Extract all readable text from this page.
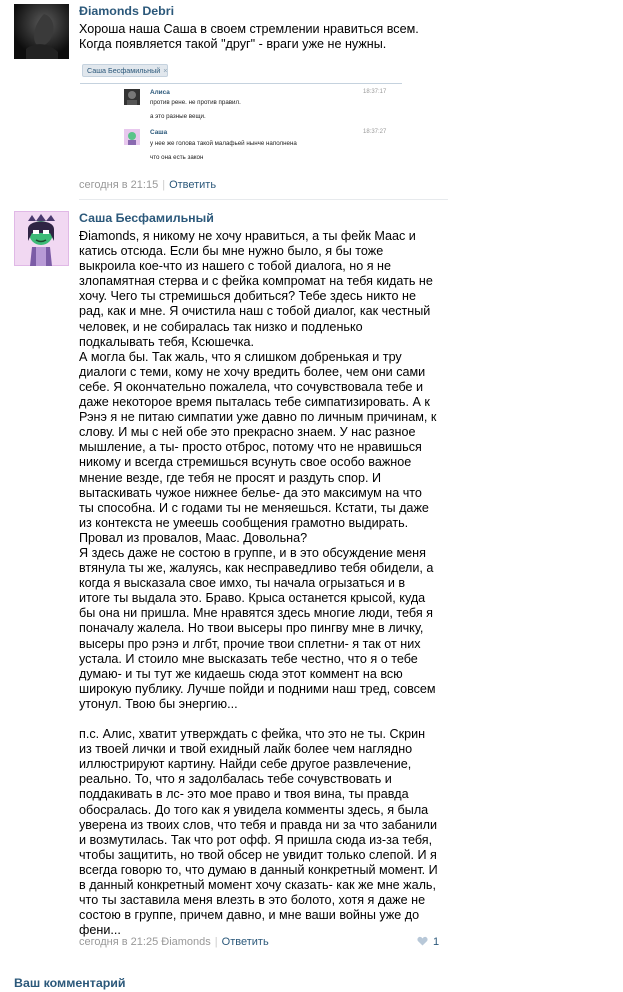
Ðiamonds Debri
Хороша наша Саша в своем стремлении нравиться всем. Когда появляется такой "друг" - враги уже не нужны.
Саша Бесфамильный ×
Алиса
против рене. не против правил.
а это разные вещи.
18:37:17
Саша
у нее же голова такой малафьей нынче наполнена
что она есть закон
18:37:27
сегодня в 21:15 | Ответить
Саша Бесфамильный
Ðiamonds, я никому не хочу нравиться, а ты фейк Маас и катись отсюда. Если бы мне нужно было, я бы тоже выкроила кое-что из нашего с тобой диалога, но я не злопамятная стерва и с фейка компромат на тебя кидать не хочу. Чего ты стремишься добиться? Тебе здесь никто не рад, как и мне. Я очистила наш с тобой диалог, как честный человек, и не собиралась так низко и подленько подкалывать тебя, Ксюшечка.
А могла бы. Так жаль, что я слишком добренькая и тру диалоги с теми, кому не хочу вредить более, чем они сами себе. Я окончательно пожалела, что сочувствовала тебе и даже некоторое время пыталась тебе симпатизировать. А к Рэнэ я не питаю симпатии уже давно по личным причинам, к слову. И мы с ней обе это прекрасно знаем. У нас разное мышление, а ты- просто отброс, потому что не нравишься никому и всегда стремишься всунуть свое особо важное мнение везде, где тебя не просят и раздуть спор. И вытаскивать чужое нижнее белье- да это максимум на что ты способна. И с годами ты не меняешься. Кстати, ты даже из контекста не умеешь сообщения грамотно выдирать. Провал из провалов, Маас. Довольна?
Я здесь даже не состою в группе, и в это обсуждение меня втянула ты же, жалуясь, как несправедливо тебя обидели, а когда я высказала свое имхо, ты начала огрызаться и в итоге ты выдала это. Браво. Крыса останется крысой, куда бы она ни пришла. Мне нравятся здесь многие люди, тебя я поначалу жалела. Но твои высеры про пингву мне в личку, высеры про рэнэ и лгбт, прочие твои сплетни- я так от них устала. И стоило мне высказать тебе честно, что я о тебе думаю- и ты тут же кидаешь сюда этот коммент на всю широкую публику. Лучше пойди и подними наш тред, совсем утонул. Твою бы энергию...

п.с. Алис, хватит утверждать с фейка, что это не ты. Скрин из твоей лички и твой ехидный лайк более чем наглядно иллюстрируют картину. Найди себе другое развлечение, реально. То, что я задолбалась тебе сочувствовать и поддакивать в лс- это мое право и твоя вина, ты правда обосралась. До того как я увидела комменты здесь, я была уверена из твоих слов, что тебя и правда ни за что забанили и возмутилась. Так что рот офф. Я пришла сюда из-за тебя, чтобы защитить, но твой обсер не увидит только слепой. И я всегда говорю то, что думаю в данный конкретный момент. И в данный конкретный момент хочу сказать- как же мне жаль, что ты заставила меня влезть в это болото, хотя я даже не состою в группе, причем давно, и мне ваши войны уже до фени...
сегодня в 21:25 Ðiamonds | Ответить	1
Ваш комментарий
